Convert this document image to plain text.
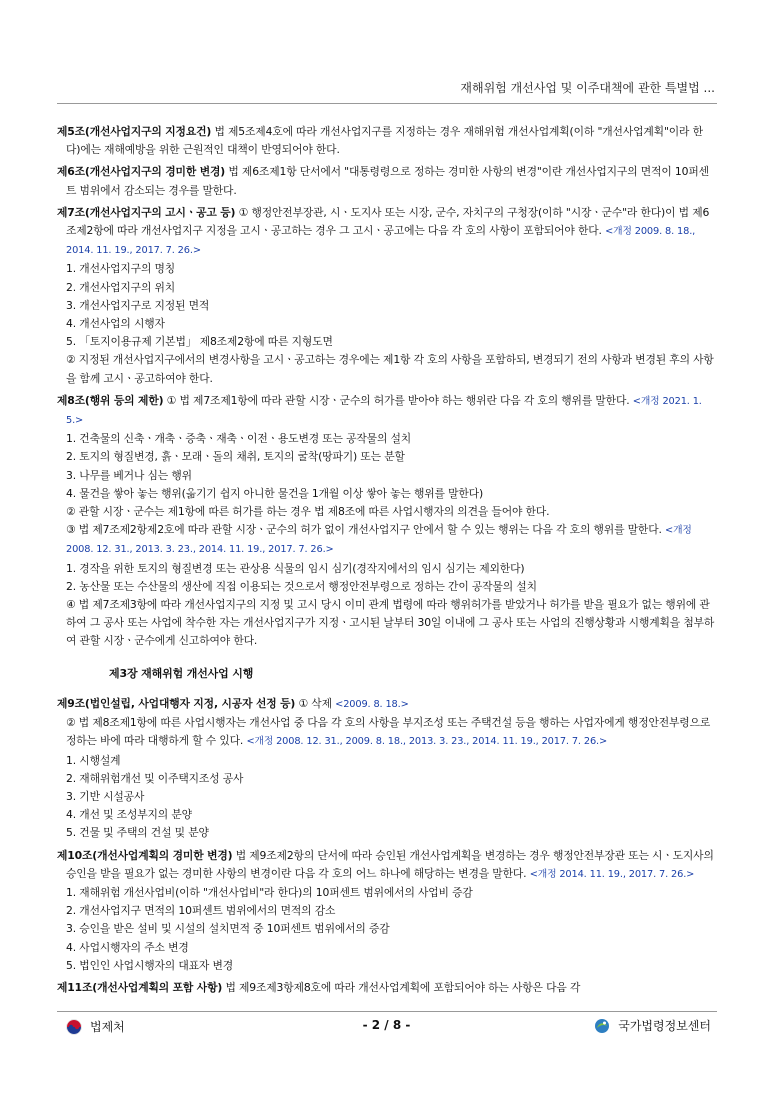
재해위험 개선사업 및 이주대책에 관한 특별법 ...

제5조(개선사업지구의 지정요건) 법 제5조제4호에 따라 개선사업지구를 지정하는 경우 재해위험 개선사업계획(이하 "개선사업계획"이라 한다)에는 재해예방을 위한 근원적인 대책이 반영되어야 한다.

제6조(개선사업지구의 경미한 변경) 법 제6조제1항 단서에서 "대통령령으로 정하는 경미한 사항의 변경"이란 개선사업지구의 면적이 10퍼센트 범위에서 감소되는 경우를 말한다.

제7조(개선사업지구의 고시ㆍ공고 등) ① 행정안전부장관, 시ㆍ도지사 또는 시장, 군수, 자치구의 구청장(이하 "시장ㆍ군수"라 한다)이 법 제6조제2항에 따라 개선사업지구 지정을 고시ㆍ공고하는 경우 그 고시ㆍ공고에는 다음 각 호의 사항이 포함되어야 한다. <개정 2009. 8. 18., 2014. 11. 19., 2017. 7. 26.>

1. 개선사업지구의 명칭

2. 개선사업지구의 위치

3. 개선사업지구로 지정된 면적

4. 개선사업의 시행자

5. 「토지이용규제 기본법」 제8조제2항에 따른 지형도면

② 지정된 개선사업지구에서의 변경사항을 고시ㆍ공고하는 경우에는 제1항 각 호의 사항을 포함하되, 변경되기 전의 사항과 변경된 후의 사항을 함께 고시ㆍ공고하여야 한다.

제8조(행위 등의 제한) ① 법 제7조제1항에 따라 관할 시장ㆍ군수의 허가를 받아야 하는 행위란 다음 각 호의 행위를 말한다. <개정 2021. 1. 5.>

1. 건축물의 신축ㆍ개축ㆍ증축ㆍ재축ㆍ이전ㆍ용도변경 또는 공작물의 설치

2. 토지의 형질변경, 흙ㆍ모래ㆍ돌의 채취, 토지의 굴착(땅파기) 또는 분할

3. 나무를 베거나 심는 행위

4. 물건을 쌓아 놓는 행위(옮기기 쉽지 아니한 물건을 1개월 이상 쌓아 놓는 행위를 말한다)

② 관할 시장ㆍ군수는 제1항에 따른 허가를 하는 경우 법 제8조에 따른 사업시행자의 의견을 들어야 한다.

③ 법 제7조제2항제2호에 따라 관할 시장ㆍ군수의 허가 없이 개선사업지구 안에서 할 수 있는 행위는 다음 각 호의 행위를 말한다. <개정 2008. 12. 31., 2013. 3. 23., 2014. 11. 19., 2017. 7. 26.>

1. 경작을 위한 토지의 형질변경 또는 관상용 식물의 임시 심기(경작지에서의 임시 심기는 제외한다)

2. 농산물 또는 수산물의 생산에 직접 이용되는 것으로서 행정안전부령으로 정하는 간이 공작물의 설치

④ 법 제7조제3항에 따라 개선사업지구의 지정 및 고시 당시 이미 관계 법령에 따라 행위허가를 받았거나 허가를 받을 필요가 없는 행위에 관하여 그 공사 또는 사업에 착수한 자는 개선사업지구가 지정ㆍ고시된 날부터 30일 이내에 그 공사 또는 사업의 진행상황과 시행계획을 첨부하여 관할 시장ㆍ군수에게 신고하여야 한다.

제3장 재해위험 개선사업 시행

제9조(법인설립, 사업대행자 지정, 시공자 선정 등) ① 삭제 <2009. 8. 18.>

② 법 제8조제1항에 따른 사업시행자는 개선사업 중 다음 각 호의 사항을 부지조성 또는 주택건설 등을 행하는 사업자에게 행정안전부령으로 정하는 바에 따라 대행하게 할 수 있다. <개정 2008. 12. 31., 2009. 8. 18., 2013. 3. 23., 2014. 11. 19., 2017. 7. 26.>

1. 시행설계

2. 재해위험개선 및 이주택지조성 공사

3. 기반 시설공사

4. 개선 및 조성부지의 분양

5. 건물 및 주택의 건설 및 분양

제10조(개선사업계획의 경미한 변경) 법 제9조제2항의 단서에 따라 승인된 개선사업계획을 변경하는 경우 행정안전부장관 또는 시ㆍ도지사의 승인을 받을 필요가 없는 경미한 사항의 변경이란 다음 각 호의 어느 하나에 해당하는 변경을 말한다. <개정 2014. 11. 19., 2017. 7. 26.>

1. 재해위험 개선사업비(이하 "개선사업비"라 한다)의 10퍼센트 범위에서의 사업비 증감

2. 개선사업지구 면적의 10퍼센트 범위에서의 면적의 감소

3. 승인을 받은 설비 및 시설의 설치면적 중 10퍼센트 범위에서의 증감

4. 사업시행자의 주소 변경

5. 법인인 사업시행자의 대표자 변경

제11조(개선사업계획의 포함 사항) 법 제9조제3항제8호에 따라 개선사업계획에 포함되어야 하는 사항은 다음 각

법제처	- 2 / 8 -	국가법령정보센터
